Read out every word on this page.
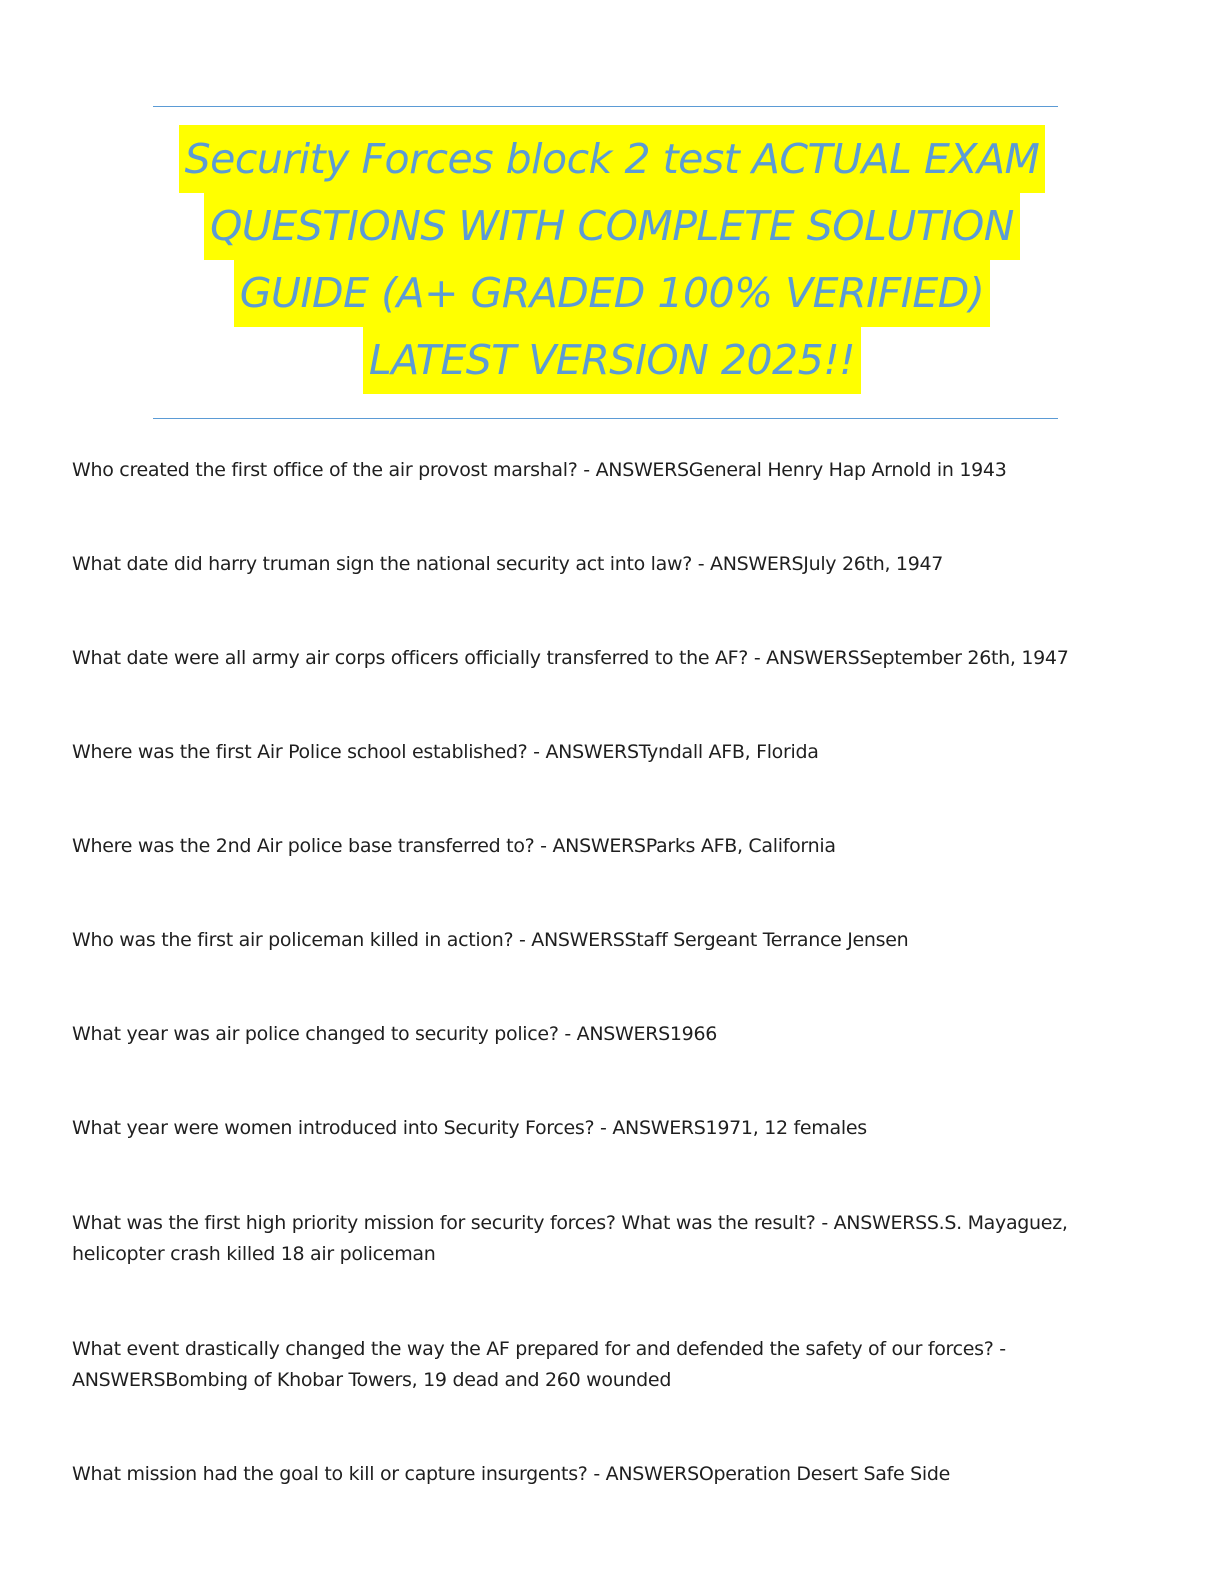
Security Forces block 2 test ACTUAL EXAM
QUESTIONS WITH COMPLETE SOLUTION
GUIDE (A+ GRADED 100% VERIFIED)
LATEST VERSION 2025!!

Who created the first office of the air provost marshal? - ANSWERSGeneral Henry Hap Arnold in 1943

What date did harry truman sign the national security act into law? - ANSWERSJuly 26th, 1947

What date were all army air corps officers officially transferred to the AF? - ANSWERSSeptember 26th, 1947

Where was the first Air Police school established? - ANSWERSTyndall AFB, Florida

Where was the 2nd Air police base transferred to? - ANSWERSParks AFB, California

Who was the first air policeman killed in action? - ANSWERSStaff Sergeant Terrance Jensen

What year was air police changed to security police? - ANSWERS1966

What year were women introduced into Security Forces? - ANSWERS1971, 12 females

What was the first high priority mission for security forces? What was the result? - ANSWERSS.S. Mayaguez, helicopter crash killed 18 air policeman

What event drastically changed the way the AF prepared for and defended the safety of our forces? - ANSWERSBombing of Khobar Towers, 19 dead and 260 wounded

What mission had the goal to kill or capture insurgents? - ANSWERSOperation Desert Safe Side
